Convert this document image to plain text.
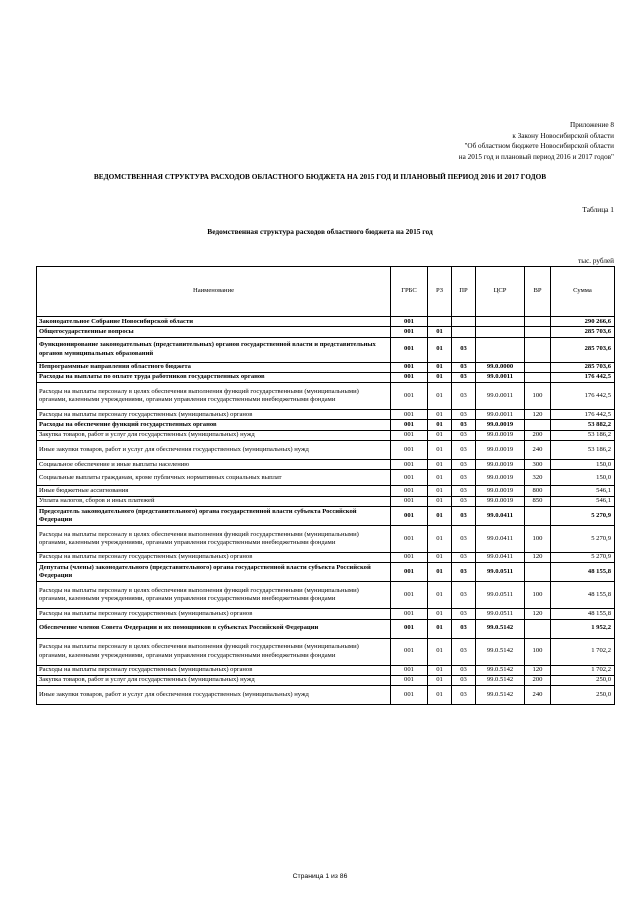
Приложение 8
к Закону Новосибирской области
"Об областном бюджете Новосибирской области
на 2015 год и плановый период 2016 и 2017 годов"
ВЕДОМСТВЕННАЯ СТРУКТУРА РАСХОДОВ ОБЛАСТНОГО БЮДЖЕТА НА 2015 ГОД И ПЛАНОВЫЙ ПЕРИОД 2016 И 2017 ГОДОВ
Таблица 1
Ведомственная структура расходов областного бюджета на 2015 год
тыс. рублей
Наименование	ГРБС	РЗ	ПР	ЦСР	ВР	Сумма
Законодательное Собрание Новосибирской области	001					290 266,6
Общегосударственные вопросы	001	01				285 703,6
Функционирование законодательных (представительных) органов государственной власти и представительных органов муниципальных образований	001	01	03			285 703,6
Непрограммные направления областного бюджета	001	01	03	99.0.0000		285 703,6
Расходы на выплаты по оплате труда работников государственных органов	001	01	03	99.0.0011		176 442,5
Расходы на выплаты персоналу в целях обеспечения выполнения функций государственными (муниципальными) органами, казенными учреждениями, органами управления государственными внебюджетными фондами	001	01	03	99.0.0011	100	176 442,5
Расходы на выплаты персоналу государственных (муниципальных) органов	001	01	03	99.0.0011	120	176 442,5
Расходы на обеспечение функций государственных органов	001	01	03	99.0.0019		53 882,2
Закупка товаров, работ и услуг для государственных (муниципальных) нужд	001	01	03	99.0.0019	200	53 186,2
Иные закупки товаров, работ и услуг для обеспечения государственных (муниципальных) нужд	001	01	03	99.0.0019	240	53 186,2
Социальное обеспечение и иные выплаты населению	001	01	03	99.0.0019	300	150,0
Социальные выплаты гражданам, кроме публичных нормативных социальных выплат	001	01	03	99.0.0019	320	150,0
Иные бюджетные ассигнования	001	01	03	99.0.0019	800	546,1
Уплата налогов, сборов и иных платежей	001	01	03	99.0.0019	850	546,1
Председатель законодательного (представительного) органа государственной власти субъекта Российской Федерации	001	01	03	99.0.0411		5 270,9
Расходы на выплаты персоналу в целях обеспечения выполнения функций государственными (муниципальными) органами, казенными учреждениями, органами управления государственными внебюджетными фондами	001	01	03	99.0.0411	100	5 270,9
Расходы на выплаты персоналу государственных (муниципальных) органов	001	01	03	99.0.0411	120	5 270,9
Депутаты (члены) законодательного (представительного) органа государственной власти субъекта Российской Федерации	001	01	03	99.0.0511		48 155,8
Расходы на выплаты персоналу в целях обеспечения выполнения функций государственными (муниципальными) органами, казенными учреждениями, органами управления государственными внебюджетными фондами	001	01	03	99.0.0511	100	48 155,8
Расходы на выплаты персоналу государственных (муниципальных) органов	001	01	03	99.0.0511	120	48 155,8
Обеспечение членов Совета Федерации и их помощников в субъектах Российской Федерации	001	01	03	99.0.5142		1 952,2
Расходы на выплаты персоналу в целях обеспечения выполнения функций государственными (муниципальными) органами, казенными учреждениями, органами управления государственными внебюджетными фондами	001	01	03	99.0.5142	100	1 702,2
Расходы на выплаты персоналу государственных (муниципальных) органов	001	01	03	99.0.5142	120	1 702,2
Закупка товаров, работ и услуг для государственных (муниципальных) нужд	001	01	03	99.0.5142	200	250,0
Иные закупки товаров, работ и услуг для обеспечения государственных (муниципальных) нужд	001	01	03	99.0.5142	240	250,0
Страница 1 из 86
